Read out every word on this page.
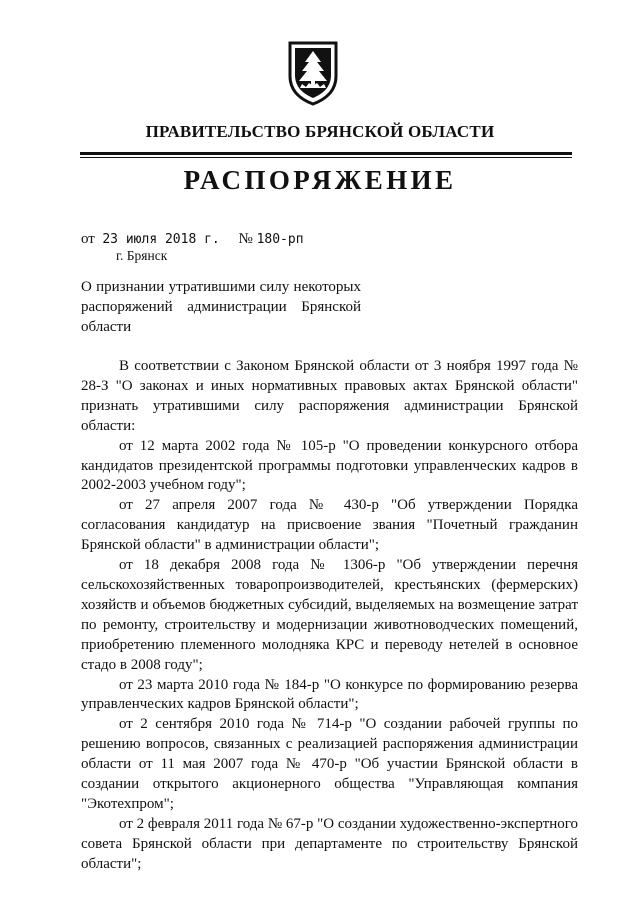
ПРАВИТЕЛЬСТВО БРЯНСКОЙ ОБЛАСТИ
РАСПОРЯЖЕНИЕ
от 23 июля 2018 г. № 180-рп
г. Брянск
О признании утратившими силу некоторых распоряжений администрации Брянской области

В соответствии с Законом Брянской области от 3 ноября 1997 года № 28-З "О законах и иных нормативных правовых актах Брянской области" признать утратившими силу распоряжения администрации Брянской области:

от 12 марта 2002 года № 105-р "О проведении конкурсного отбора кандидатов президентской программы подготовки управленческих кадров в 2002-2003 учебном году";

от 27 апреля 2007 года № 430-р "Об утверждении Порядка согласования кандидатур на присвоение звания "Почетный гражданин Брянской области" в администрации области";

от 18 декабря 2008 года № 1306-р "Об утверждении перечня сельскохозяйственных товаропроизводителей, крестьянских (фермерских) хозяйств и объемов бюджетных субсидий, выделяемых на возмещение затрат по ремонту, строительству и модернизации животноводческих помещений, приобретению племенного молодняка КРС и переводу нетелей в основное стадо в 2008 году";

от 23 марта 2010 года № 184-р "О конкурсе по формированию резерва управленческих кадров Брянской области";

от 2 сентября 2010 года № 714-р "О создании рабочей группы по решению вопросов, связанных с реализацией распоряжения администрации области от 11 мая 2007 года № 470-р "Об участии Брянской области в создании открытого акционерного общества "Управляющая компания "Экотехпром";

от 2 февраля 2011 года № 67-р "О создании художественно-экспертного совета Брянской области при департаменте по строительству Брянской области";
